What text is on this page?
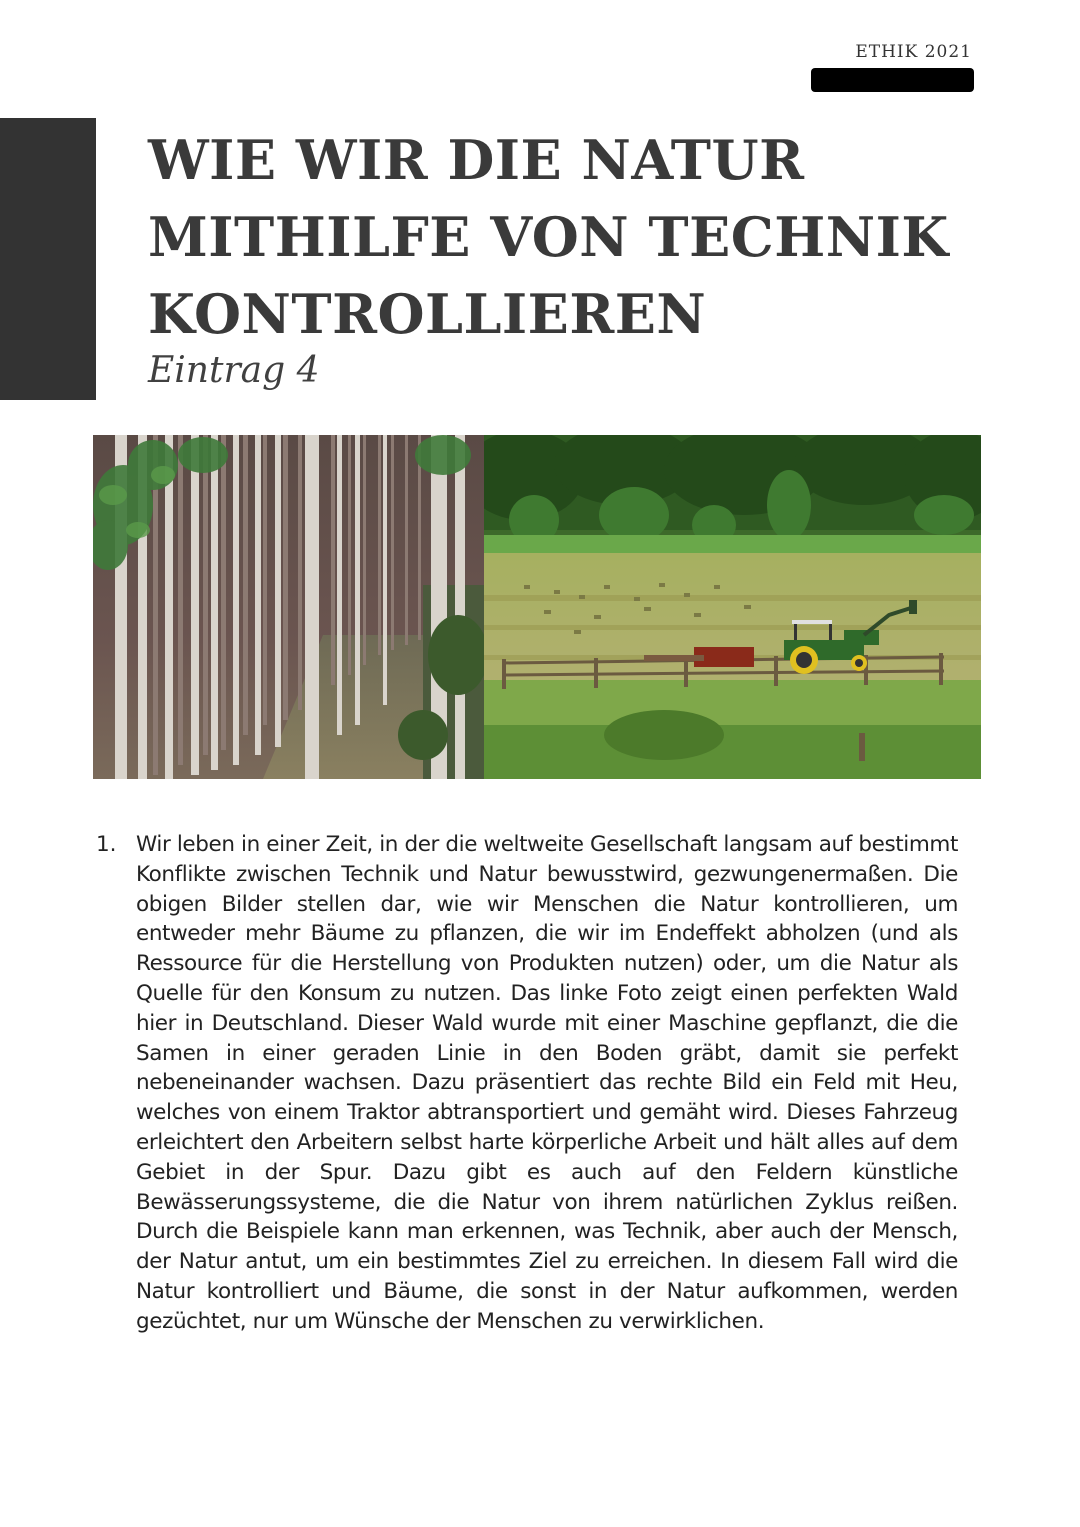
ETHIK 2021
WIE WIR DIE NATUR
MITHILFE VON TECHNIK
KONTROLLIEREN
Eintrag 4
1. Wir leben in einer Zeit, in der die weltweite Gesellschaft langsam auf bestimmt Konflikte zwischen Technik und Natur bewusstwird, gezwungenermaßen. Die obigen Bilder stellen dar, wie wir Menschen die Natur kontrollieren, um entweder mehr Bäume zu pflanzen, die wir im Endeffekt abholzen (und als Ressource für die Herstellung von Produkten nutzen) oder, um die Natur als Quelle für den Konsum zu nutzen. Das linke Foto zeigt einen perfekten Wald hier in Deutschland. Dieser Wald wurde mit einer Maschine gepflanzt, die die Samen in einer geraden Linie in den Boden gräbt, damit sie perfekt nebeneinander wachsen. Dazu präsentiert das rechte Bild ein Feld mit Heu, welches von einem Traktor abtransportiert und gemäht wird. Dieses Fahrzeug erleichtert den Arbeitern selbst harte körperliche Arbeit und hält alles auf dem Gebiet in der Spur. Dazu gibt es auch auf den Feldern künstliche Bewässerungssysteme, die die Natur von ihrem natürlichen Zyklus reißen. Durch die Beispiele kann man erkennen, was Technik, aber auch der Mensch, der Natur antut, um ein bestimmtes Ziel zu erreichen. In diesem Fall wird die Natur kontrolliert und Bäume, die sonst in der Natur aufkommen, werden gezüchtet, nur um Wünsche der Menschen zu verwirklichen.
